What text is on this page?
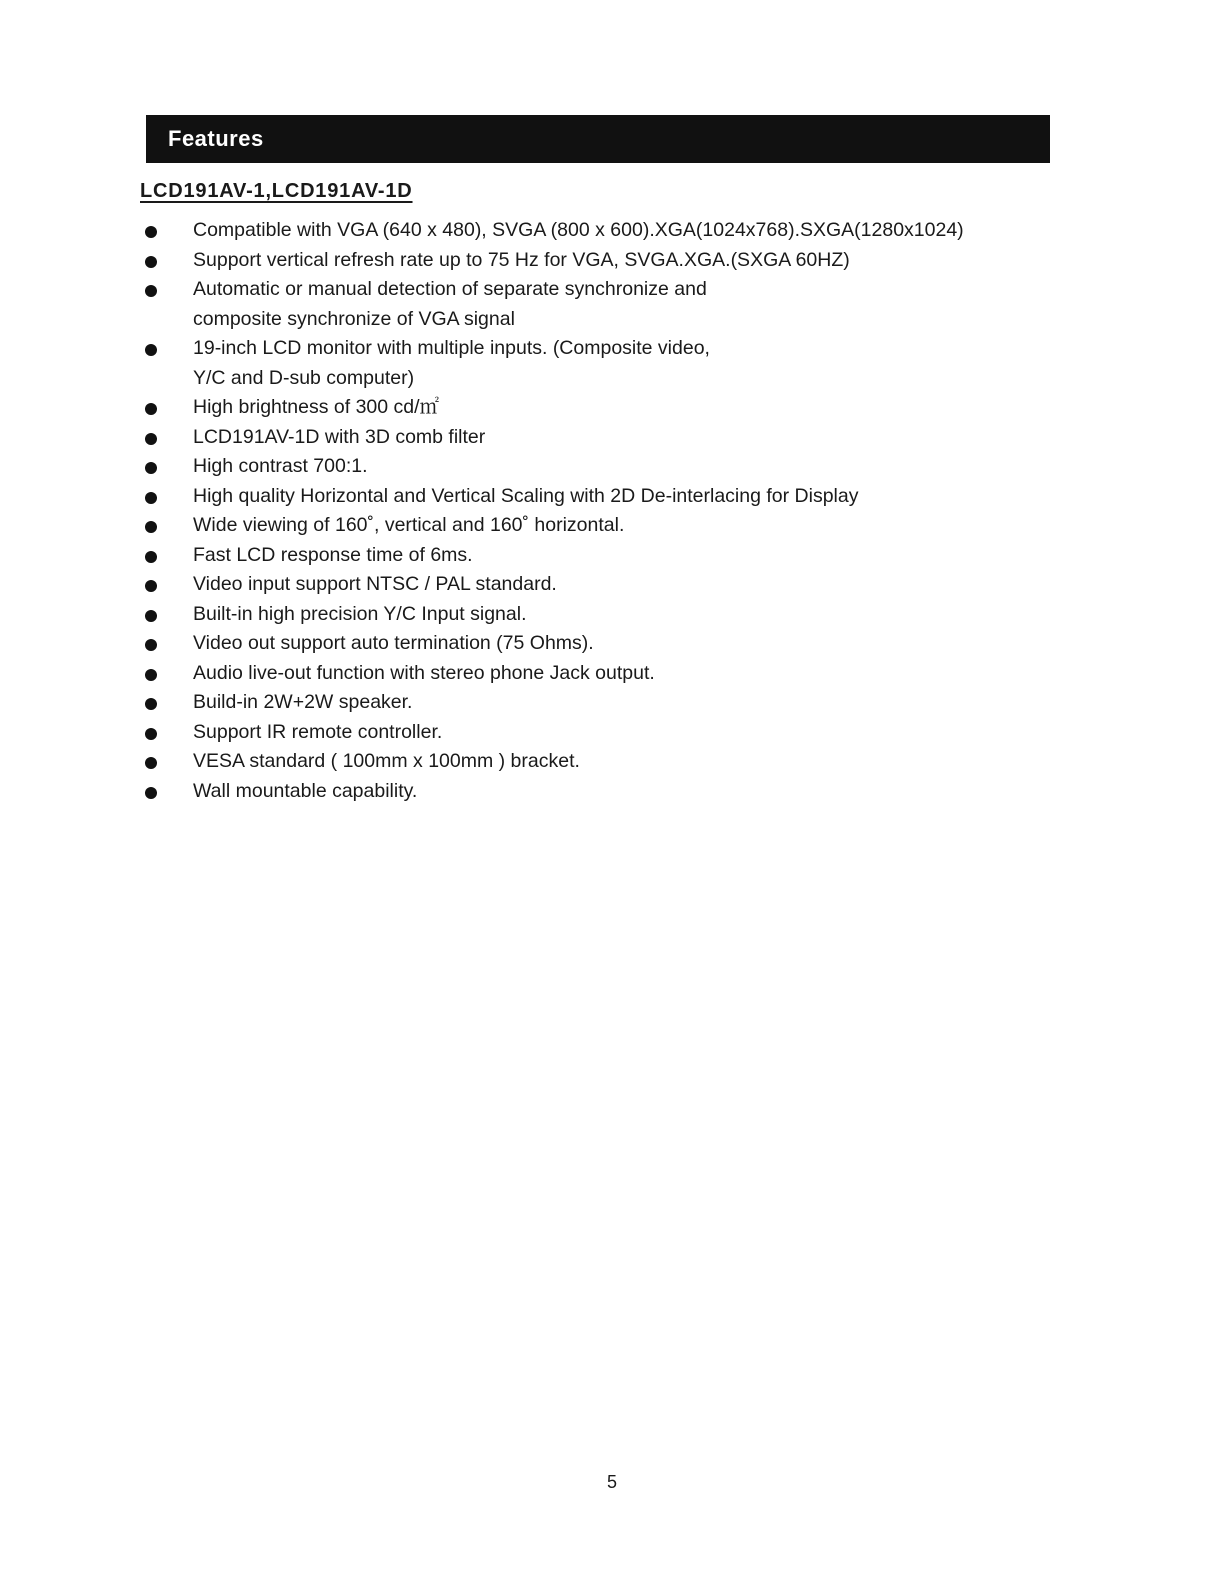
Features
LCD191AV-1,LCD191AV-1D
Compatible with VGA (640 x 480), SVGA (800 x 600).XGA(1024x768).SXGA(1280x1024)
Support vertical refresh rate up to 75 Hz for VGA, SVGA.XGA.(SXGA 60HZ)
Automatic or manual detection of separate synchronize and
composite synchronize of VGA signal
19-inch LCD monitor with multiple inputs. (Composite video,
Y/C and D-sub computer)
High brightness of 300 cd/㎡
LCD191AV-1D with 3D comb filter
High contrast 700:1.
High quality Horizontal and Vertical Scaling with 2D De-interlacing for Display
Wide viewing of 160˚, vertical and 160˚ horizontal.
Fast LCD response time of 6ms.
Video input support NTSC / PAL standard.
Built-in high precision Y/C Input signal.
Video out support auto termination (75 Ohms).
Audio live-out function with stereo phone Jack output.
Build-in 2W+2W speaker.
Support IR remote controller.
VESA standard ( 100mm x 100mm ) bracket.
Wall mountable capability.
5
